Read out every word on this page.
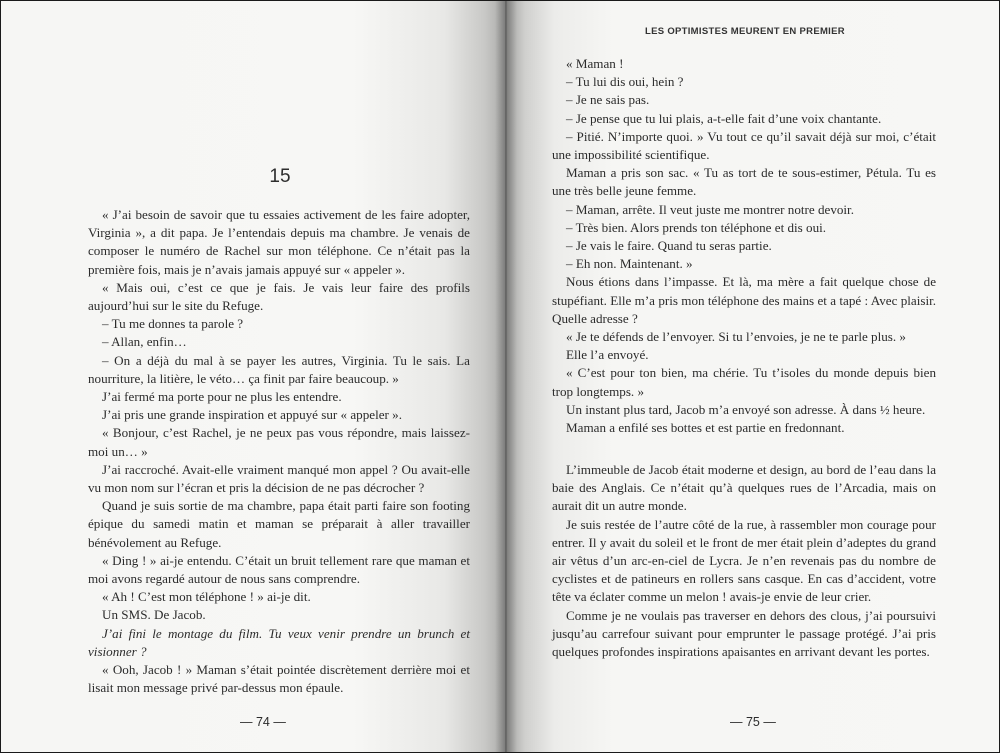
15

« J’ai besoin de savoir que tu essaies activement de les faire adopter, Virginia », a dit papa. Je l’entendais depuis ma chambre. Je venais de composer le numéro de Rachel sur mon téléphone. Ce n’était pas la première fois, mais je n’avais jamais appuyé sur « appeler ».

« Mais oui, c’est ce que je fais. Je vais leur faire des profils aujourd’hui sur le site du Refuge.

– Tu me donnes ta parole ?

– Allan, enfin…

– On a déjà du mal à se payer les autres, Virginia. Tu le sais. La nourriture, la litière, le véto… ça finit par faire beaucoup. »

J’ai fermé ma porte pour ne plus les entendre.

J’ai pris une grande inspiration et appuyé sur « appeler ».

« Bonjour, c’est Rachel, je ne peux pas vous répondre, mais laissez-moi un… »

J’ai raccroché. Avait-elle vraiment manqué mon appel ? Ou avait-elle vu mon nom sur l’écran et pris la décision de ne pas décrocher ?

Quand je suis sortie de ma chambre, papa était parti faire son footing épique du samedi matin et maman se préparait à aller travailler bénévolement au Refuge.

« Ding ! » ai-je entendu. C’était un bruit tellement rare que maman et moi avons regardé autour de nous sans comprendre.

« Ah ! C’est mon téléphone ! » ai-je dit.

Un SMS. De Jacob.

J’ai fini le montage du film. Tu veux venir prendre un brunch et visionner ?

« Ooh, Jacob ! » Maman s’était pointée discrètement derrière moi et lisait mon message privé par-dessus mon épaule.

— 74 —
LES OPTIMISTES MEURENT EN PREMIER

« Maman !

– Tu lui dis oui, hein ?

– Je ne sais pas.

– Je pense que tu lui plais, a-t-elle fait d’une voix chantante.

– Pitié. N’importe quoi. » Vu tout ce qu’il savait déjà sur moi, c’était une impossibilité scientifique.

Maman a pris son sac. « Tu as tort de te sous-estimer, Pétula. Tu es une très belle jeune femme.

– Maman, arrête. Il veut juste me montrer notre devoir.

– Très bien. Alors prends ton téléphone et dis oui.

– Je vais le faire. Quand tu seras partie.

– Eh non. Maintenant. »

Nous étions dans l’impasse. Et là, ma mère a fait quelque chose de stupéfiant. Elle m’a pris mon téléphone des mains et a tapé : Avec plaisir. Quelle adresse ?

« Je te défends de l’envoyer. Si tu l’envoies, je ne te parle plus. »

Elle l’a envoyé.

« C’est pour ton bien, ma chérie. Tu t’isoles du monde depuis bien trop longtemps. »

Un instant plus tard, Jacob m’a envoyé son adresse. À dans ½ heure.

Maman a enfilé ses bottes et est partie en fredonnant.

L’immeuble de Jacob était moderne et design, au bord de l’eau dans la baie des Anglais. Ce n’était qu’à quelques rues de l’Arcadia, mais on aurait dit un autre monde.

Je suis restée de l’autre côté de la rue, à rassembler mon courage pour entrer. Il y avait du soleil et le front de mer était plein d’adeptes du grand air vêtus d’un arc-en-ciel de Lycra. Je n’en revenais pas du nombre de cyclistes et de patineurs en rollers sans casque. En cas d’accident, votre tête va éclater comme un melon ! avais-je envie de leur crier.

Comme je ne voulais pas traverser en dehors des clous, j’ai poursuivi jusqu’au carrefour suivant pour emprunter le passage protégé. J’ai pris quelques profondes inspirations apaisantes en arrivant devant les portes.

— 75 —
